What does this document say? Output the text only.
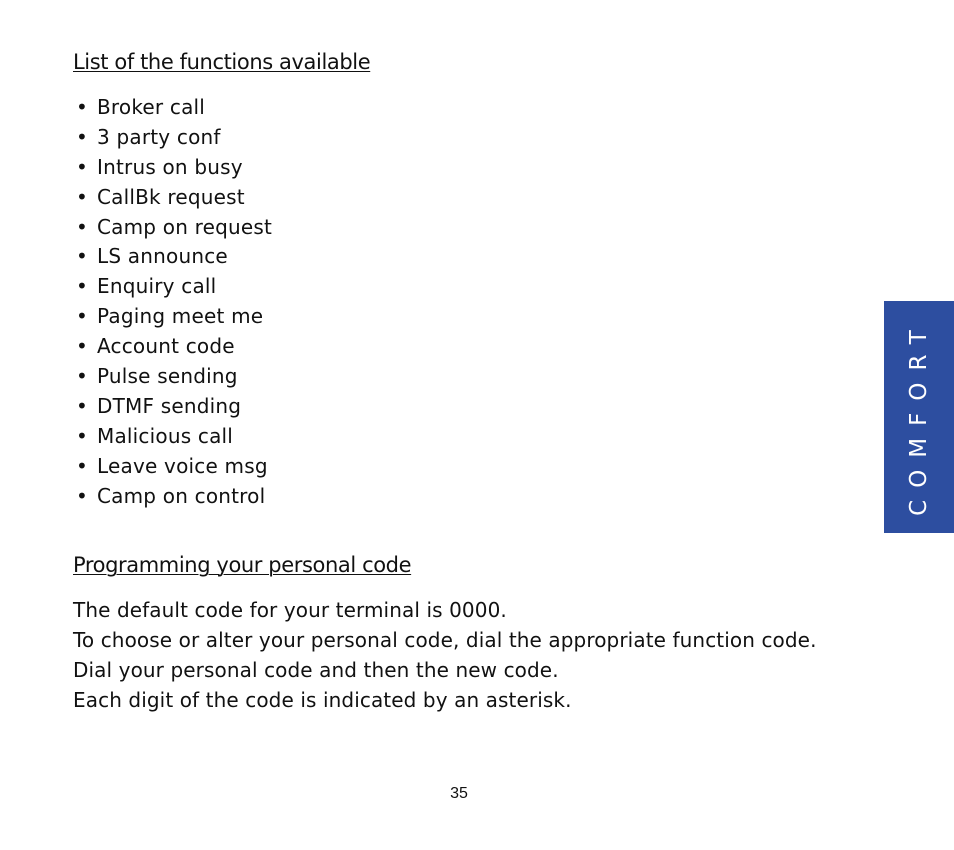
List of the functions available
• Broker call
• 3 party conf
• Intrus on busy
• CallBk request
• Camp on request
• LS announce
• Enquiry call
• Paging meet me
• Account code
• Pulse sending
• DTMF sending
• Malicious call
• Leave voice msg
• Camp on control
Programming your personal code
The default code for your terminal is 0000.
To choose or alter your personal code, dial the appropriate function code.
Dial your personal code and then the new code.
Each digit of the code is indicated by an asterisk.
COMFORT
35
